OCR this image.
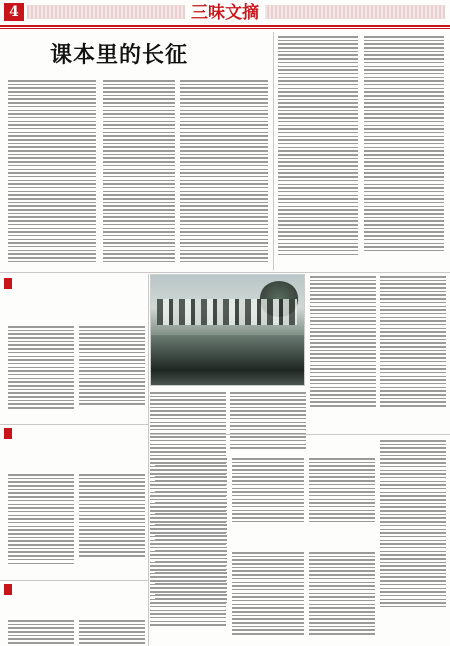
4	三味文摘
课本里的长征
